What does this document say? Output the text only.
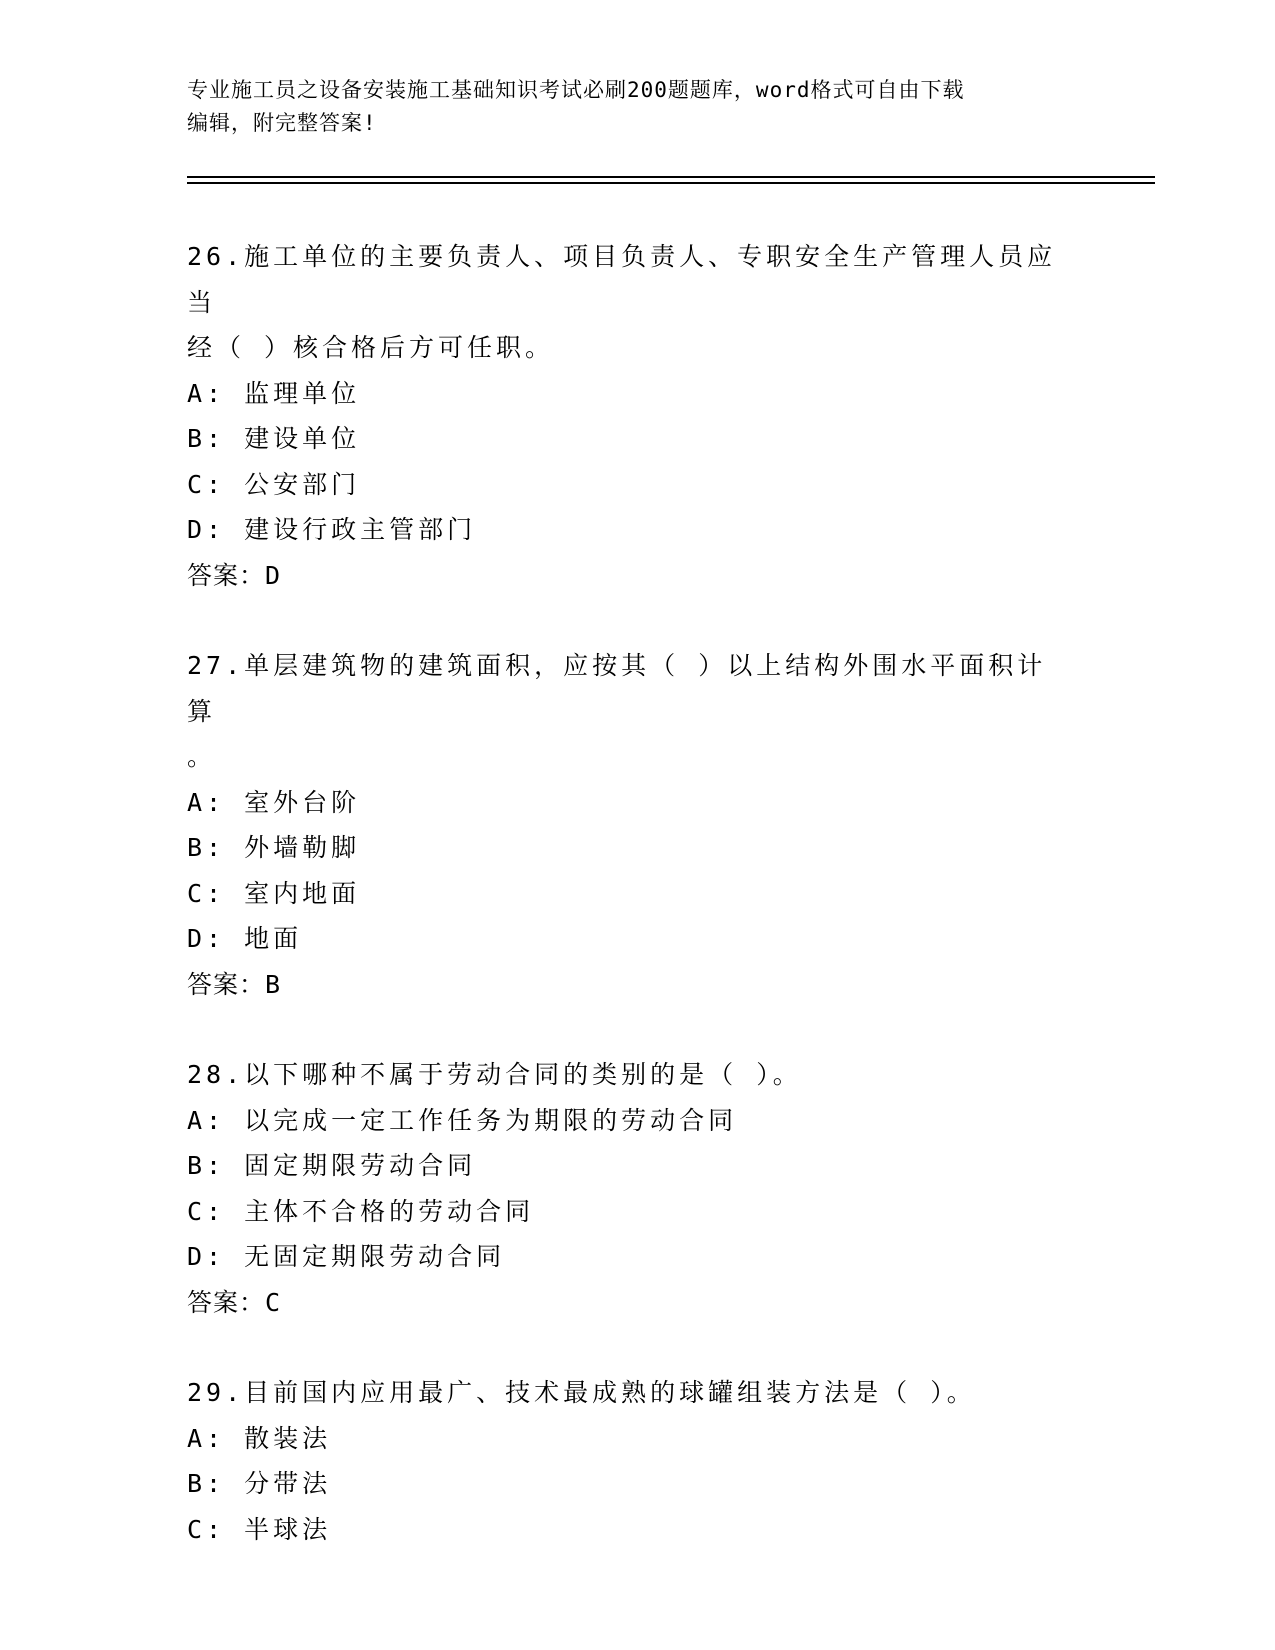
专业施工员之设备安装施工基础知识考试必刷200题题库，word格式可自由下载
编辑，附完整答案!
26.施工单位的主要负责人、项目负责人、专职安全生产管理人员应当
经（ ）核合格后方可任职。
A: 监理单位
B: 建设单位
C: 公安部门
D: 建设行政主管部门
答案：D
27.单层建筑物的建筑面积，应按其（ ）以上结构外围水平面积计算
。
A: 室外台阶
B: 外墙勒脚
C: 室内地面
D: 地面
答案：B
28.以下哪种不属于劳动合同的类别的是（ ）。
A: 以完成一定工作任务为期限的劳动合同
B: 固定期限劳动合同
C: 主体不合格的劳动合同
D: 无固定期限劳动合同
答案：C
29.目前国内应用最广、技术最成熟的球罐组装方法是（ ）。
A: 散装法
B: 分带法
C: 半球法
